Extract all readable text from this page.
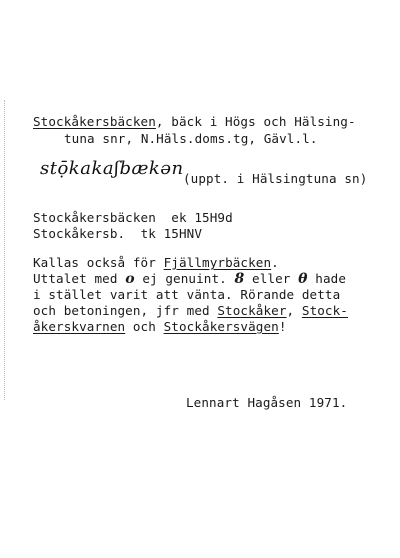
Stockåkersbäcken, bäck i Högs och Hälsing-
tuna snr, N.Häls.doms.tg, Gävl.l.
stọ̄kakaʃbækən (uppt. i Hälsingtuna sn)
Stockåkersbäcken ek 15H9d
Stockåkersb. tk 15HNV
Kallas också för Fjällmyrbäcken.
Uttalet med o ej genuint. 8 eller θ hade
i stället varit att vänta. Rörande detta
och betoningen, jfr med Stockåker, Stock-
åkerskvarnen och Stockåkersvägen!
Lennart Hagåsen 1971.
